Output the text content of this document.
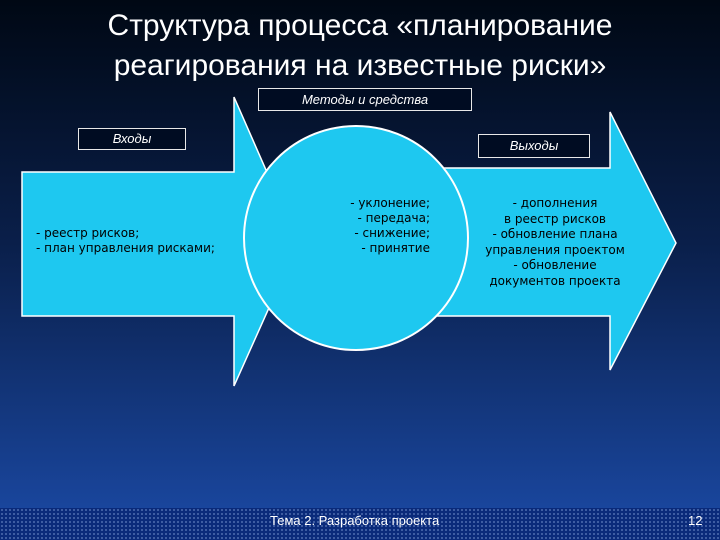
Структура процесса «планирование
реагирования на известные риски»
Методы и средства
Входы	Выходы
- реестр рисков;
- план управления рисками;
- уклонение;
- передача;
- снижение;
- принятие
- дополнения
в реестр рисков
- обновление плана
управления проектом
- обновление
документов проекта
Тема 2. Разработка проекта	12
